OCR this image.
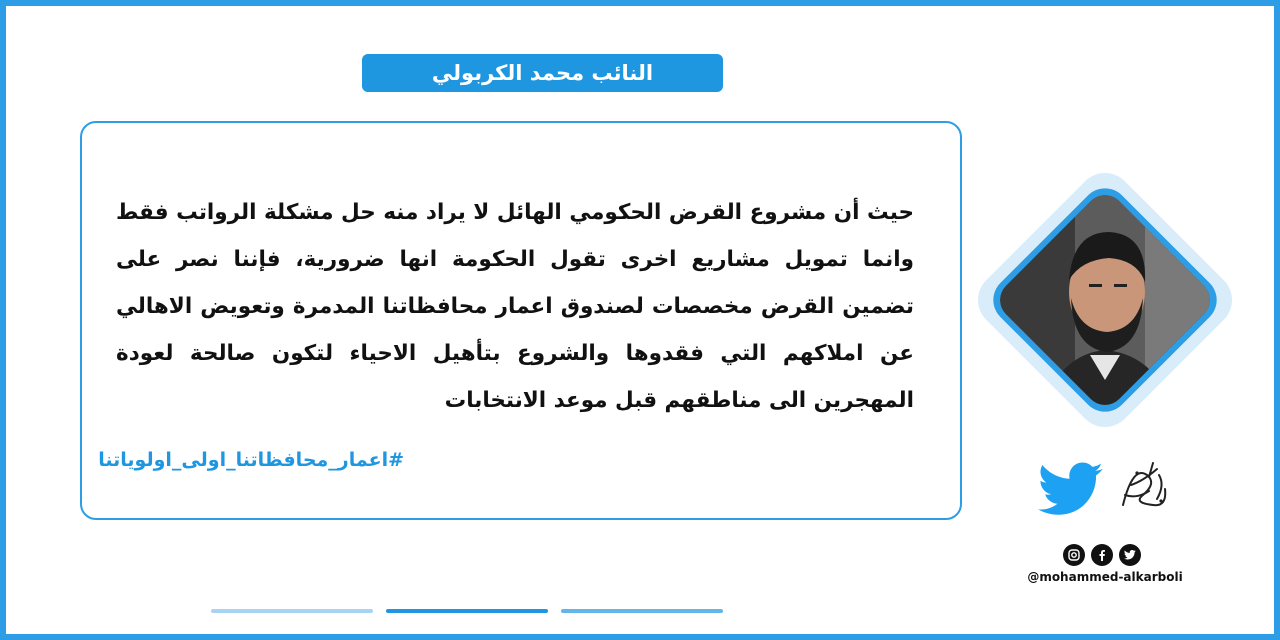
النائب محمد الكربولي
حيث أن مشروع القرض الحكومي الهائل لا يراد منه حل مشكلة الرواتب فقط وانما تمويل مشاريع اخرى تقول الحكومة انها ضرورية، فإننا نصر على تضمين القرض مخصصات لصندوق اعمار محافظاتنا المدمرة وتعويض الاهالي عن املاكهم التي فقدوها والشروع بتأهيل الاحياء لتكون صالحة لعودة المهجرين الى مناطقهم قبل موعد الانتخابات
#اعمار_محافظاتنا_اولى_اولوياتنا
@mohammed-alkarboli
